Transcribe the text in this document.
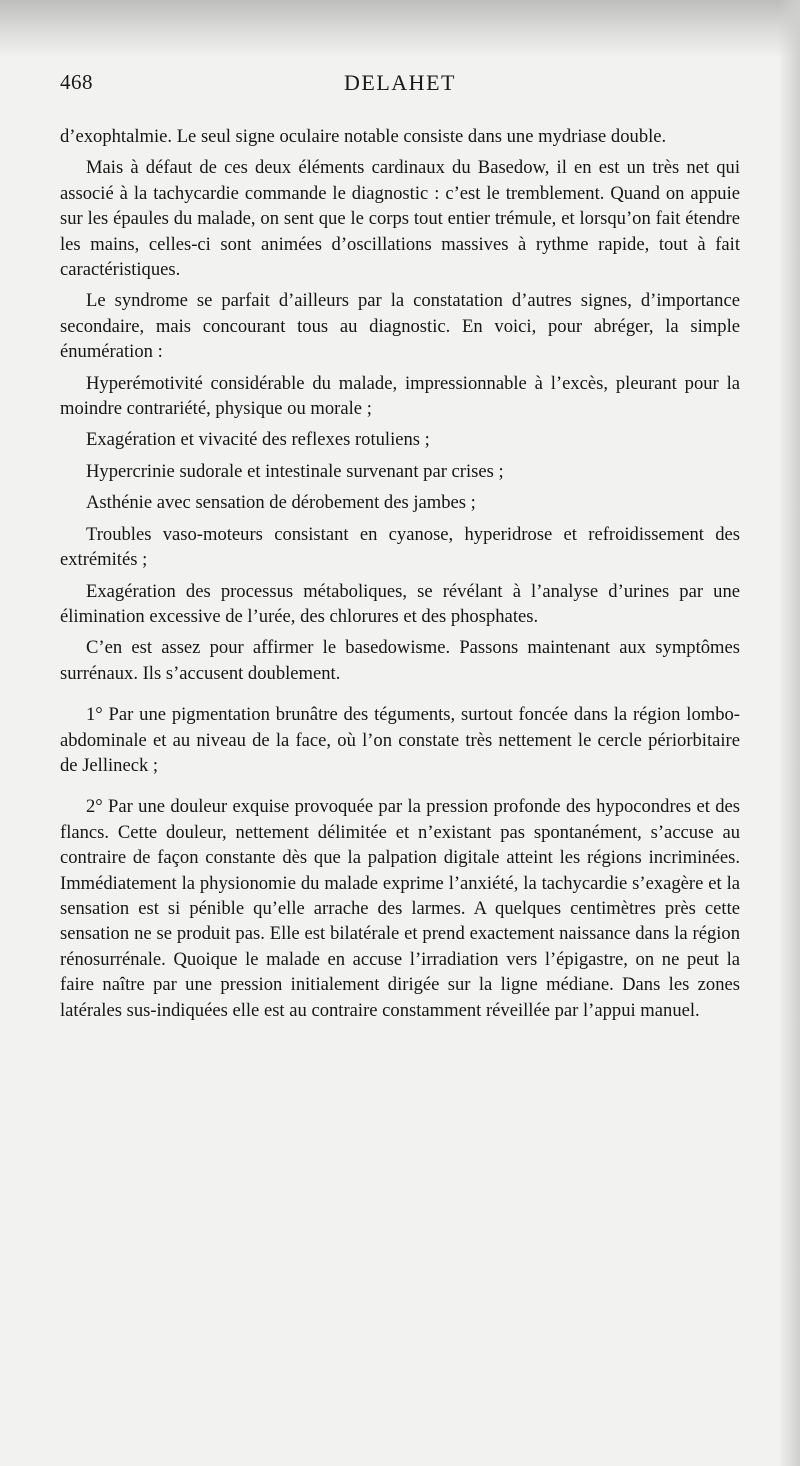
468	DELAHET

d’exophtalmie. Le seul signe oculaire notable consiste dans une mydriase double.

Mais à défaut de ces deux éléments cardinaux du Basedow, il en est un très net qui associé à la tachycardie commande le diagnostic : c’est le tremblement. Quand on appuie sur les épaules du malade, on sent que le corps tout entier trémule, et lorsqu’on fait étendre les mains, celles-ci sont animées d’oscillations massives à rythme rapide, tout à fait caractéristiques.

Le syndrome se parfait d’ailleurs par la constatation d’autres signes, d’importance secondaire, mais concourant tous au diagnostic. En voici, pour abréger, la simple énumération :

Hyperémotivité considérable du malade, impressionnable à l’excès, pleurant pour la moindre contrariété, physique ou morale ;

Exagération et vivacité des reflexes rotuliens ;

Hypercrinie sudorale et intestinale survenant par crises ;

Asthénie avec sensation de dérobement des jambes ;

Troubles vaso-moteurs consistant en cyanose, hyperidrose et refroidissement des extrémités ;

Exagération des processus métaboliques, se révélant à l’analyse d’urines par une élimination excessive de l’urée, des chlorures et des phosphates.

C’en est assez pour affirmer le basedowisme. Passons maintenant aux symptômes surrénaux. Ils s’accusent doublement.

1° Par une pigmentation brunâtre des téguments, surtout foncée dans la région lombo-abdominale et au niveau de la face, où l’on constate très nettement le cercle périorbitaire de Jellineck ;

2° Par une douleur exquise provoquée par la pression profonde des hypocondres et des flancs. Cette douleur, nettement délimitée et n’existant pas spontanément, s’accuse au contraire de façon constante dès que la palpation digitale atteint les régions incriminées. Immédiatement la physionomie du malade exprime l’anxiété, la tachycardie s’exagère et la sensation est si pénible qu’elle arrache des larmes. A quelques centimètres près cette sensation ne se produit pas. Elle est bilatérale et prend exactement naissance dans la région rénosurrénale. Quoique le malade en accuse l’irradiation vers l’épigastre, on ne peut la faire naître par une pression initialement dirigée sur la ligne médiane. Dans les zones latérales sus-indiquées elle est au contraire constamment réveillée par l’appui manuel.
